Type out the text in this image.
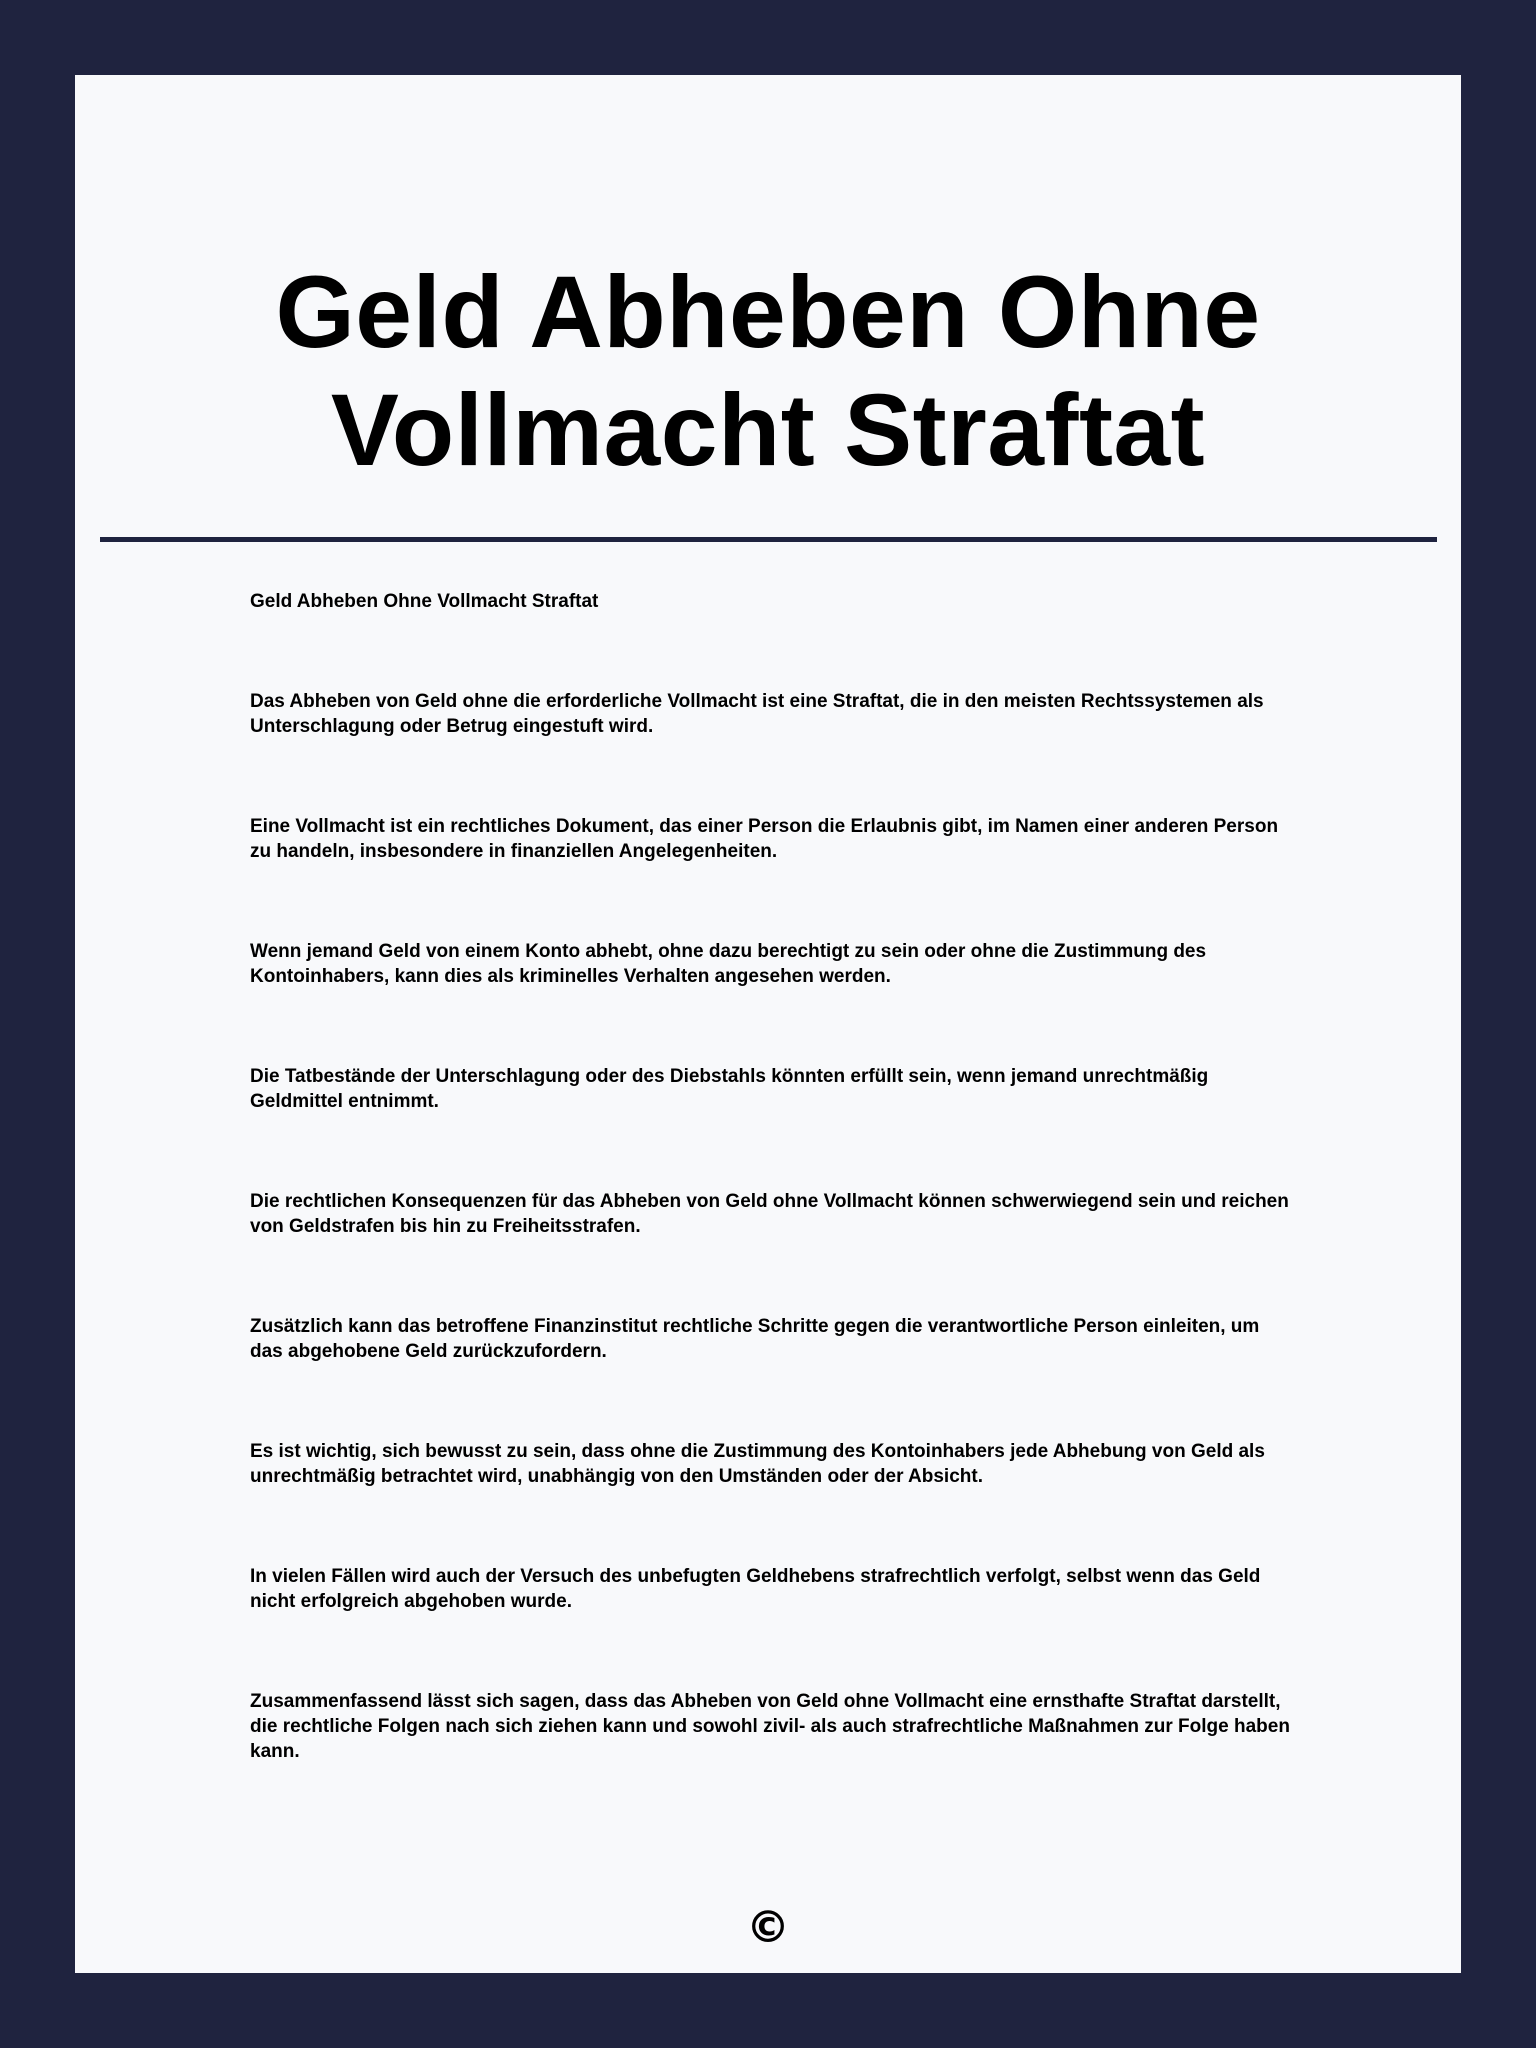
Geld Abheben Ohne
Vollmacht Straftat

Geld Abheben Ohne Vollmacht Straftat

Das Abheben von Geld ohne die erforderliche Vollmacht ist eine Straftat, die in den meisten Rechtssystemen als Unterschlagung oder Betrug eingestuft wird.

Eine Vollmacht ist ein rechtliches Dokument, das einer Person die Erlaubnis gibt, im Namen einer anderen Person zu handeln, insbesondere in finanziellen Angelegenheiten.

Wenn jemand Geld von einem Konto abhebt, ohne dazu berechtigt zu sein oder ohne die Zustimmung des Kontoinhabers, kann dies als kriminelles Verhalten angesehen werden.

Die Tatbestände der Unterschlagung oder des Diebstahls könnten erfüllt sein, wenn jemand unrechtmäßig Geldmittel entnimmt.

Die rechtlichen Konsequenzen für das Abheben von Geld ohne Vollmacht können schwerwiegend sein und reichen von Geldstrafen bis hin zu Freiheitsstrafen.

Zusätzlich kann das betroffene Finanzinstitut rechtliche Schritte gegen die verantwortliche Person einleiten, um das abgehobene Geld zurückzufordern.

Es ist wichtig, sich bewusst zu sein, dass ohne die Zustimmung des Kontoinhabers jede Abhebung von Geld als unrechtmäßig betrachtet wird, unabhängig von den Umständen oder der Absicht.

In vielen Fällen wird auch der Versuch des unbefugten Geldhebens strafrechtlich verfolgt, selbst wenn das Geld nicht erfolgreich abgehoben wurde.

Zusammenfassend lässt sich sagen, dass das Abheben von Geld ohne Vollmacht eine ernsthafte Straftat darstellt, die rechtliche Folgen nach sich ziehen kann und sowohl zivil- als auch strafrechtliche Maßnahmen zur Folge haben kann.

©
